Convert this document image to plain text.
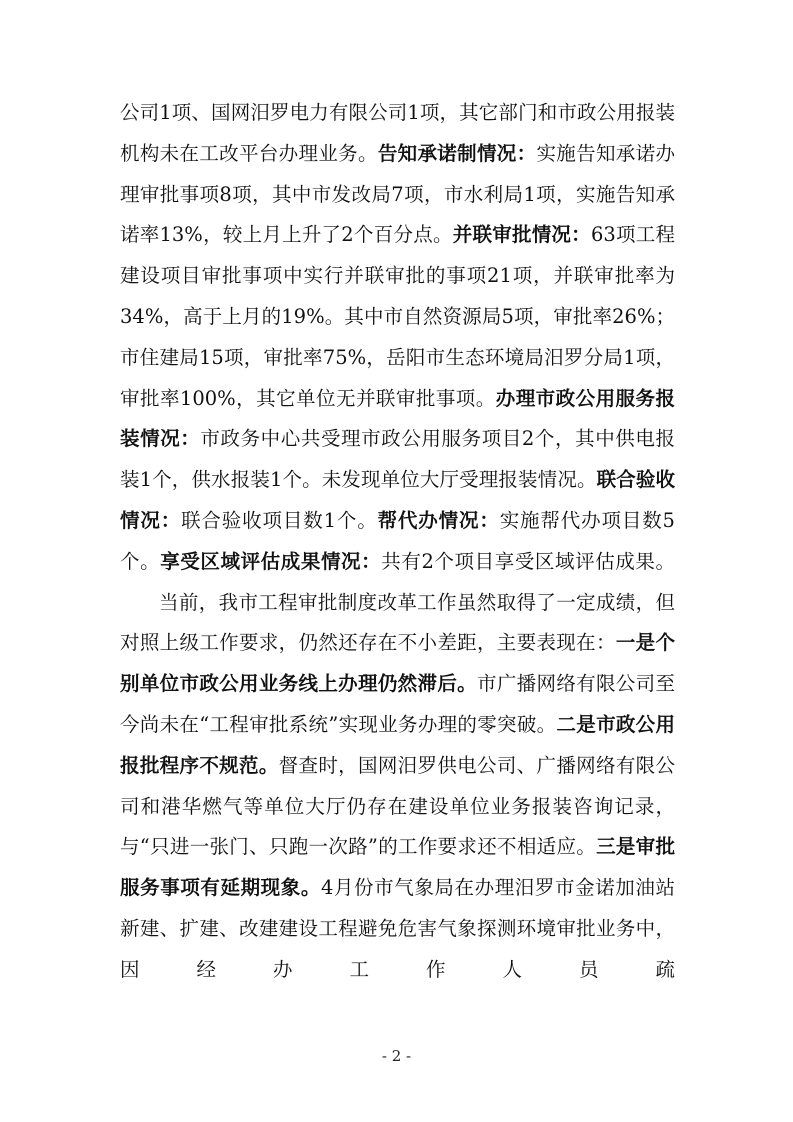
公司1项、国网汨罗电力有限公司1项，其它部门和市政公用报装机构未在工改平台办理业务。告知承诺制情况：实施告知承诺办理审批事项8项，其中市发改局7项，市水利局1项，实施告知承诺率13%，较上月上升了2个百分点。并联审批情况：63项工程建设项目审批事项中实行并联审批的事项21项，并联审批率为34%，高于上月的19%。其中市自然资源局5项，审批率26%；市住建局15项，审批率75%，岳阳市生态环境局汨罗分局1项，审批率100%，其它单位无并联审批事项。办理市政公用服务报装情况：市政务中心共受理市政公用服务项目2个，其中供电报装1个，供水报装1个。未发现单位大厅受理报装情况。联合验收情况：联合验收项目数1个。帮代办情况：实施帮代办项目数5个。享受区域评估成果情况：共有2个项目享受区域评估成果。

当前，我市工程审批制度改革工作虽然取得了一定成绩，但对照上级工作要求，仍然还存在不小差距，主要表现在：一是个别单位市政公用业务线上办理仍然滞后。市广播网络有限公司至今尚未在“工程审批系统”实现业务办理的零突破。二是市政公用报批程序不规范。督查时，国网汨罗供电公司、广播网络有限公司和港华燃气等单位大厅仍存在建设单位业务报装咨询记录，与“只进一张门、只跑一次路”的工作要求还不相适应。三是审批服务事项有延期现象。4月份市气象局在办理汨罗市金诺加油站新建、扩建、改建建设工程避免危害气象探测环境审批业务中，因经办工作人员疏

- 2 -
